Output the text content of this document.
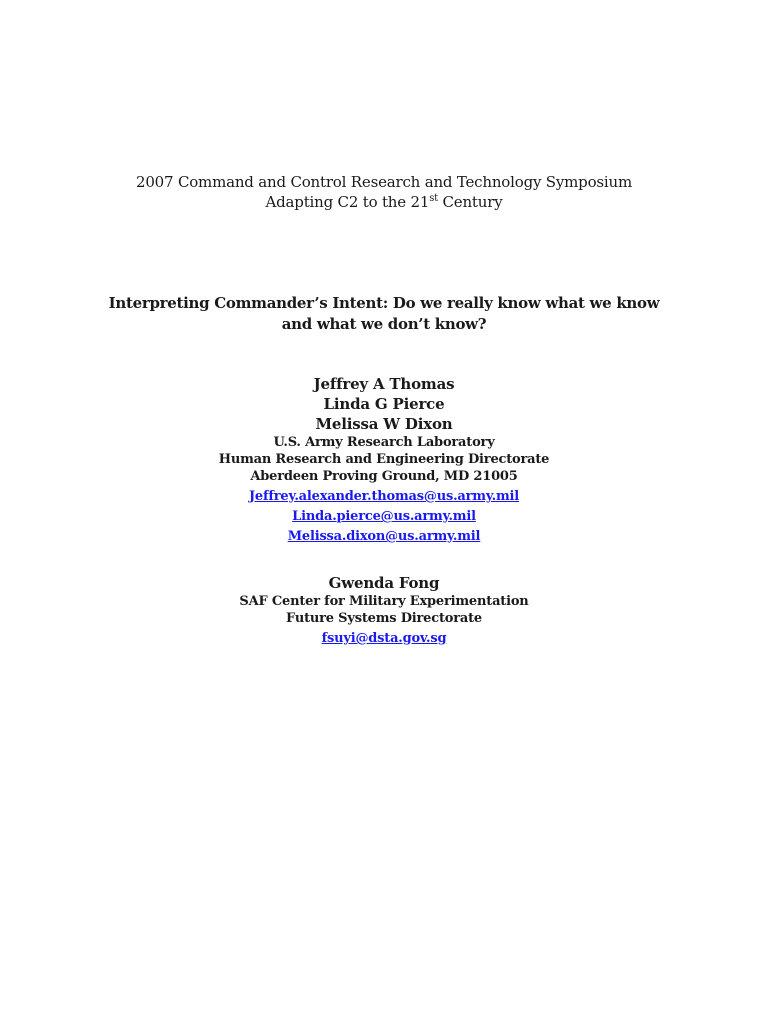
2007 Command and Control Research and Technology Symposium
Adapting C2 to the 21st Century
Interpreting Commander’s Intent: Do we really know what we know
and what we don’t know?
Jeffrey A Thomas
Linda G Pierce
Melissa W Dixon
U.S. Army Research Laboratory
Human Research and Engineering Directorate
Aberdeen Proving Ground, MD 21005
Jeffrey.alexander.thomas@us.army.mil
Linda.pierce@us.army.mil
Melissa.dixon@us.army.mil
Gwenda Fong
SAF Center for Military Experimentation
Future Systems Directorate
fsuyi@dsta.gov.sg
